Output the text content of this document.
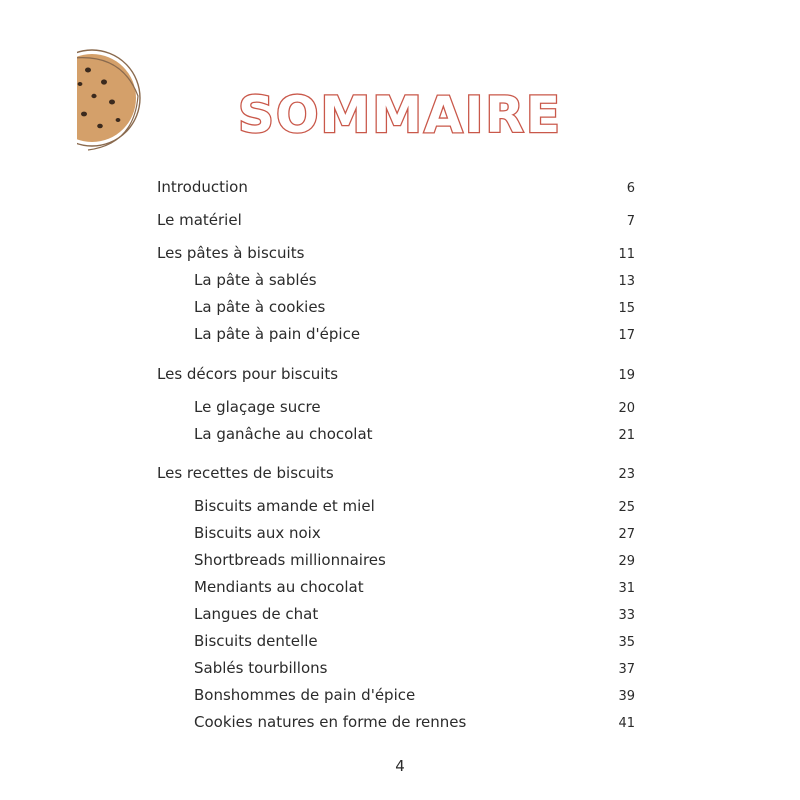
SOMMAIRE
Introduction	6
Le matériel	7
Les pâtes à biscuits	11
La pâte à sablés	13
La pâte à cookies	15
La pâte à pain d'épice	17
Les décors pour biscuits	19
Le glaçage sucre	20
La ganâche au chocolat	21
Les recettes de biscuits	23
Biscuits amande et miel	25
Biscuits aux noix	27
Shortbreads millionnaires	29
Mendiants au chocolat	31
Langues de chat	33
Biscuits dentelle	35
Sablés tourbillons	37
Bonshommes de pain d'épice	39
Cookies natures en forme de rennes	41
4
